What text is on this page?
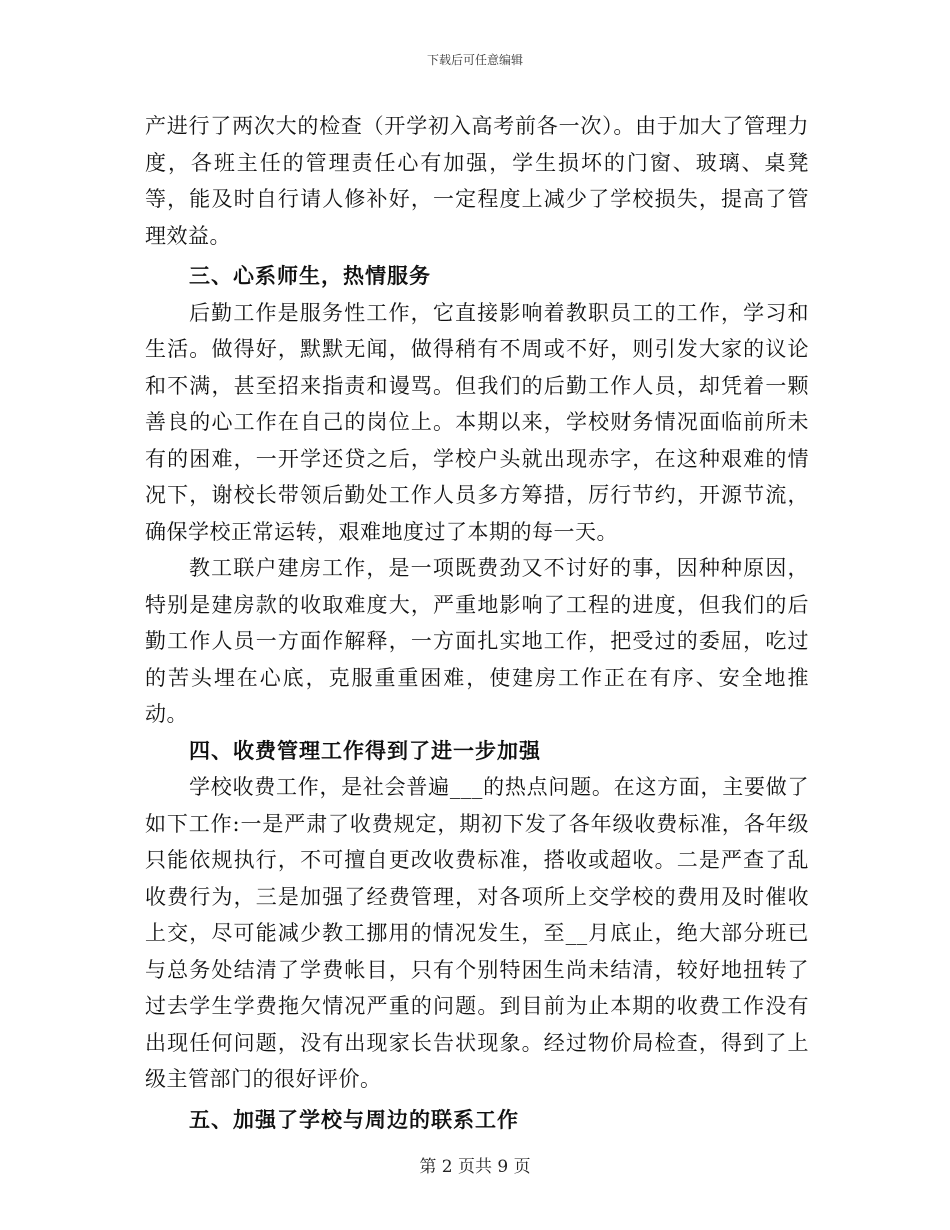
下载后可任意编辑

产进行了两次大的检查（开学初入高考前各一次）。由于加大了管理力度，各班主任的管理责任心有加强，学生损坏的门窗、玻璃、桌凳等，能及时自行请人修补好，一定程度上减少了学校损失，提高了管理效益。

三、心系师生，热情服务

后勤工作是服务性工作，它直接影响着教职员工的工作，学习和生活。做得好，默默无闻，做得稍有不周或不好，则引发大家的议论和不满，甚至招来指责和谩骂。但我们的后勤工作人员，却凭着一颗善良的心工作在自己的岗位上。本期以来，学校财务情况面临前所未有的困难，一开学还贷之后，学校户头就出现赤字，在这种艰难的情况下，谢校长带领后勤处工作人员多方筹措，厉行节约，开源节流，确保学校正常运转，艰难地度过了本期的每一天。

教工联户建房工作，是一项既费劲又不讨好的事，因种种原因，特别是建房款的收取难度大，严重地影响了工程的进度，但我们的后勤工作人员一方面作解释，一方面扎实地工作，把受过的委屈，吃过的苦头埋在心底，克服重重困难，使建房工作正在有序、安全地推动。

四、收费管理工作得到了进一步加强

学校收费工作，是社会普遍___的热点问题。在这方面，主要做了如下工作:一是严肃了收费规定，期初下发了各年级收费标准，各年级只能依规执行，不可擅自更改收费标准，搭收或超收。二是严查了乱收费行为，三是加强了经费管理，对各项所上交学校的费用及时催收上交，尽可能减少教工挪用的情况发生，至__月底止，绝大部分班已与总务处结清了学费帐目，只有个别特困生尚未结清，较好地扭转了过去学生学费拖欠情况严重的问题。到目前为止本期的收费工作没有出现任何问题，没有出现家长告状现象。经过物价局检查，得到了上级主管部门的很好评价。

五、加强了学校与周边的联系工作

第 2 页共 9 页
